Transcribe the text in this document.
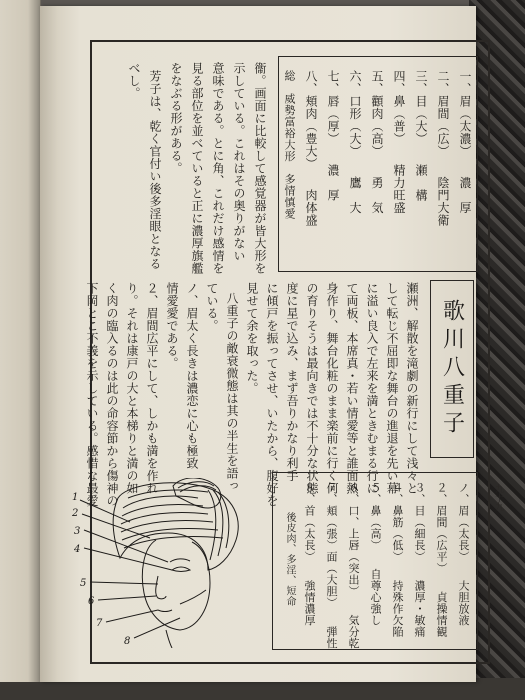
一、眉（太濃）　　濃　厚
二、眉間（広）　　陰門大衛
三、目（大）　　瀬　構
四、鼻（普）　　精力旺盛
五、顴肉（高）　　勇　気
六、口形（大）　　鷹　大
七、唇（厚）　　濃　厚
八、頬肉（豊大）　　肉体盛
総　威勢富裕大形　多情慎愛
衞。画面に比較して感覚器が皆大形を
示している。これはその奥りがない
意味である。とに角、これだけ感情を
見る部位を並べていると正に濃厚旗艦
をなぶる形がある。
芳子は、乾く官付い後多淫眼となる
べし。
歌川八重子
瀬洲、解散を滝劇の新行にして浅々と
して転じ不屈即な舞台の進退を先い幕
に溢い良入で左来を満ときむまる行に
て両板、本席真・若い情愛等と誰面熱
身作り、舞台化粧のまま楽前に行く何
の育りそうは最向きでは不十分な状態
度に星で込み、まず吾りかなり利手
に傾戸を振ってさせ、いたから、腹好を
見せて余を取った。
八重子の敵衰微態は其の半生を語っ
ている。
ノ、眉太く長きは濃恋に心も極致
情愛愛である。
２、眉間広平にして、しかも満を作れ
り。それは康戸の大と本梯りと満の如
く肉の臨入るのは此の命容節から傷神の
下岡とこ不義を示している。感惜な最愛
ノ、眉（太長）　　大胆放液
２、眉間（広平）　　貞操情観
３、目（細長）　　濃厚・敏痛
４、鼻筋（低）　　持殊作欠陥
５、鼻（高）　　自尊心強し
６、口、上唇（突出）　　気分乾
７、頬（張）面（大胆）　　弾性
８、首（太長）　　強情濃厚
後皮肉、多淫、短命
九十九
1
2
3
4
5
6
7
8
